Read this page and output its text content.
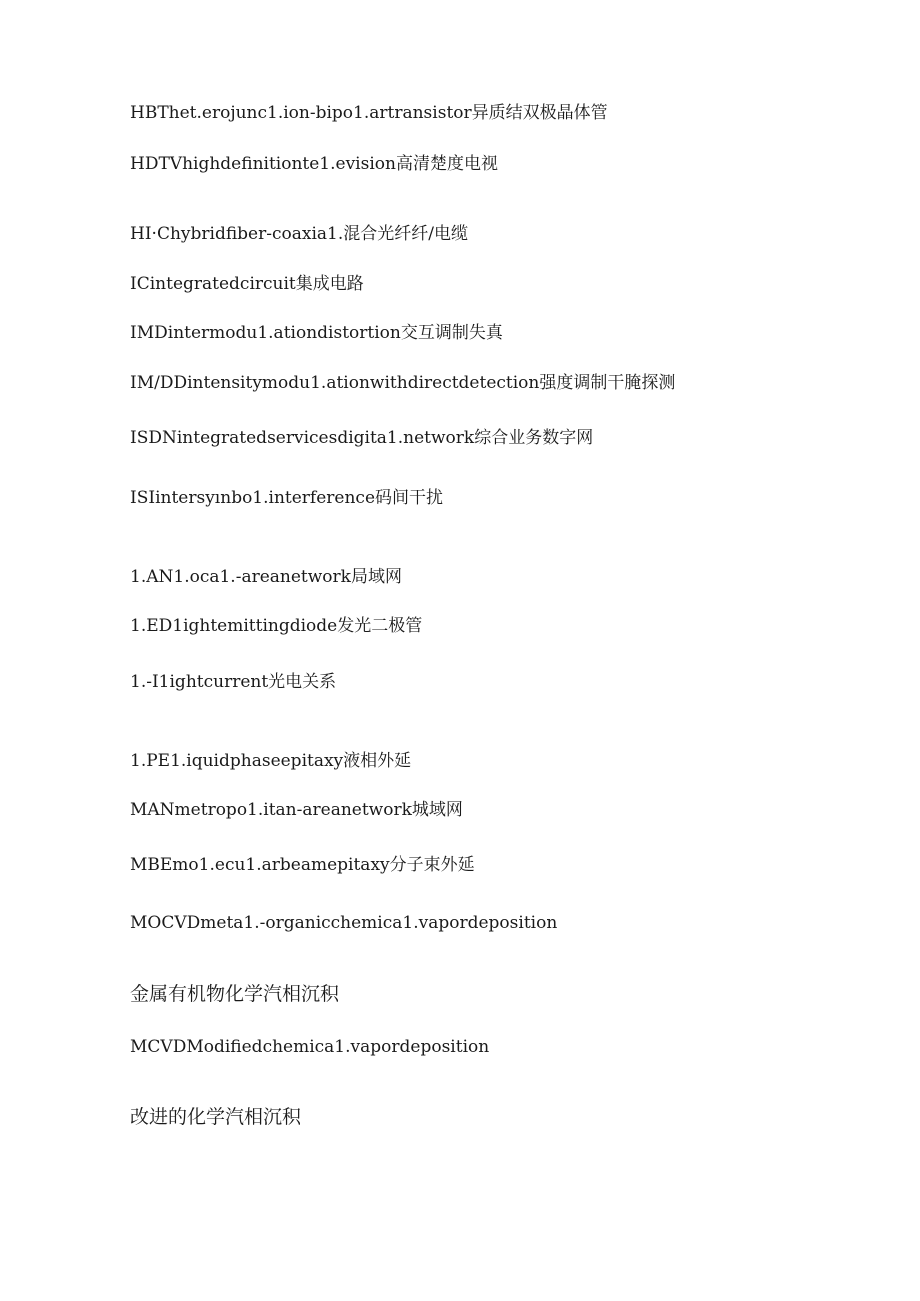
HBThet.erojunc1.ion-bipo1.artransistor异质结双极晶体管

HDTVhighdefinitionte1.evision高清楚度电视

HI·Chybridfiber-coaxia1.混合光纤纤/电缆

ICintegratedcircuit集成电路

IMDintermodu1.ationdistortion交互调制失真

IM/DDintensitymodu1.ationwithdirectdetection强度调制干腌探测

ISDNintegratedservicesdigita1.network综合业务数字网

ISIintersyınbo1.interference码间干扰

1.AN1.oca1.-areanetwork局域网

1.ED1ightemittingdiode发光二极管

1.-I1ightcurrent光电关系

1.PE1.iquidphaseepitaxy液相外延

MANmetropo1.itan-areanetwork城域网

MBEmo1.ecu1.arbeamepitaxy分子束外延

MOCVDmeta1.-organicchemica1.vapordeposition

金属有机物化学汽相沉积

MCVDModifiedchemica1.vapordeposition

改进的化学汽相沉积
